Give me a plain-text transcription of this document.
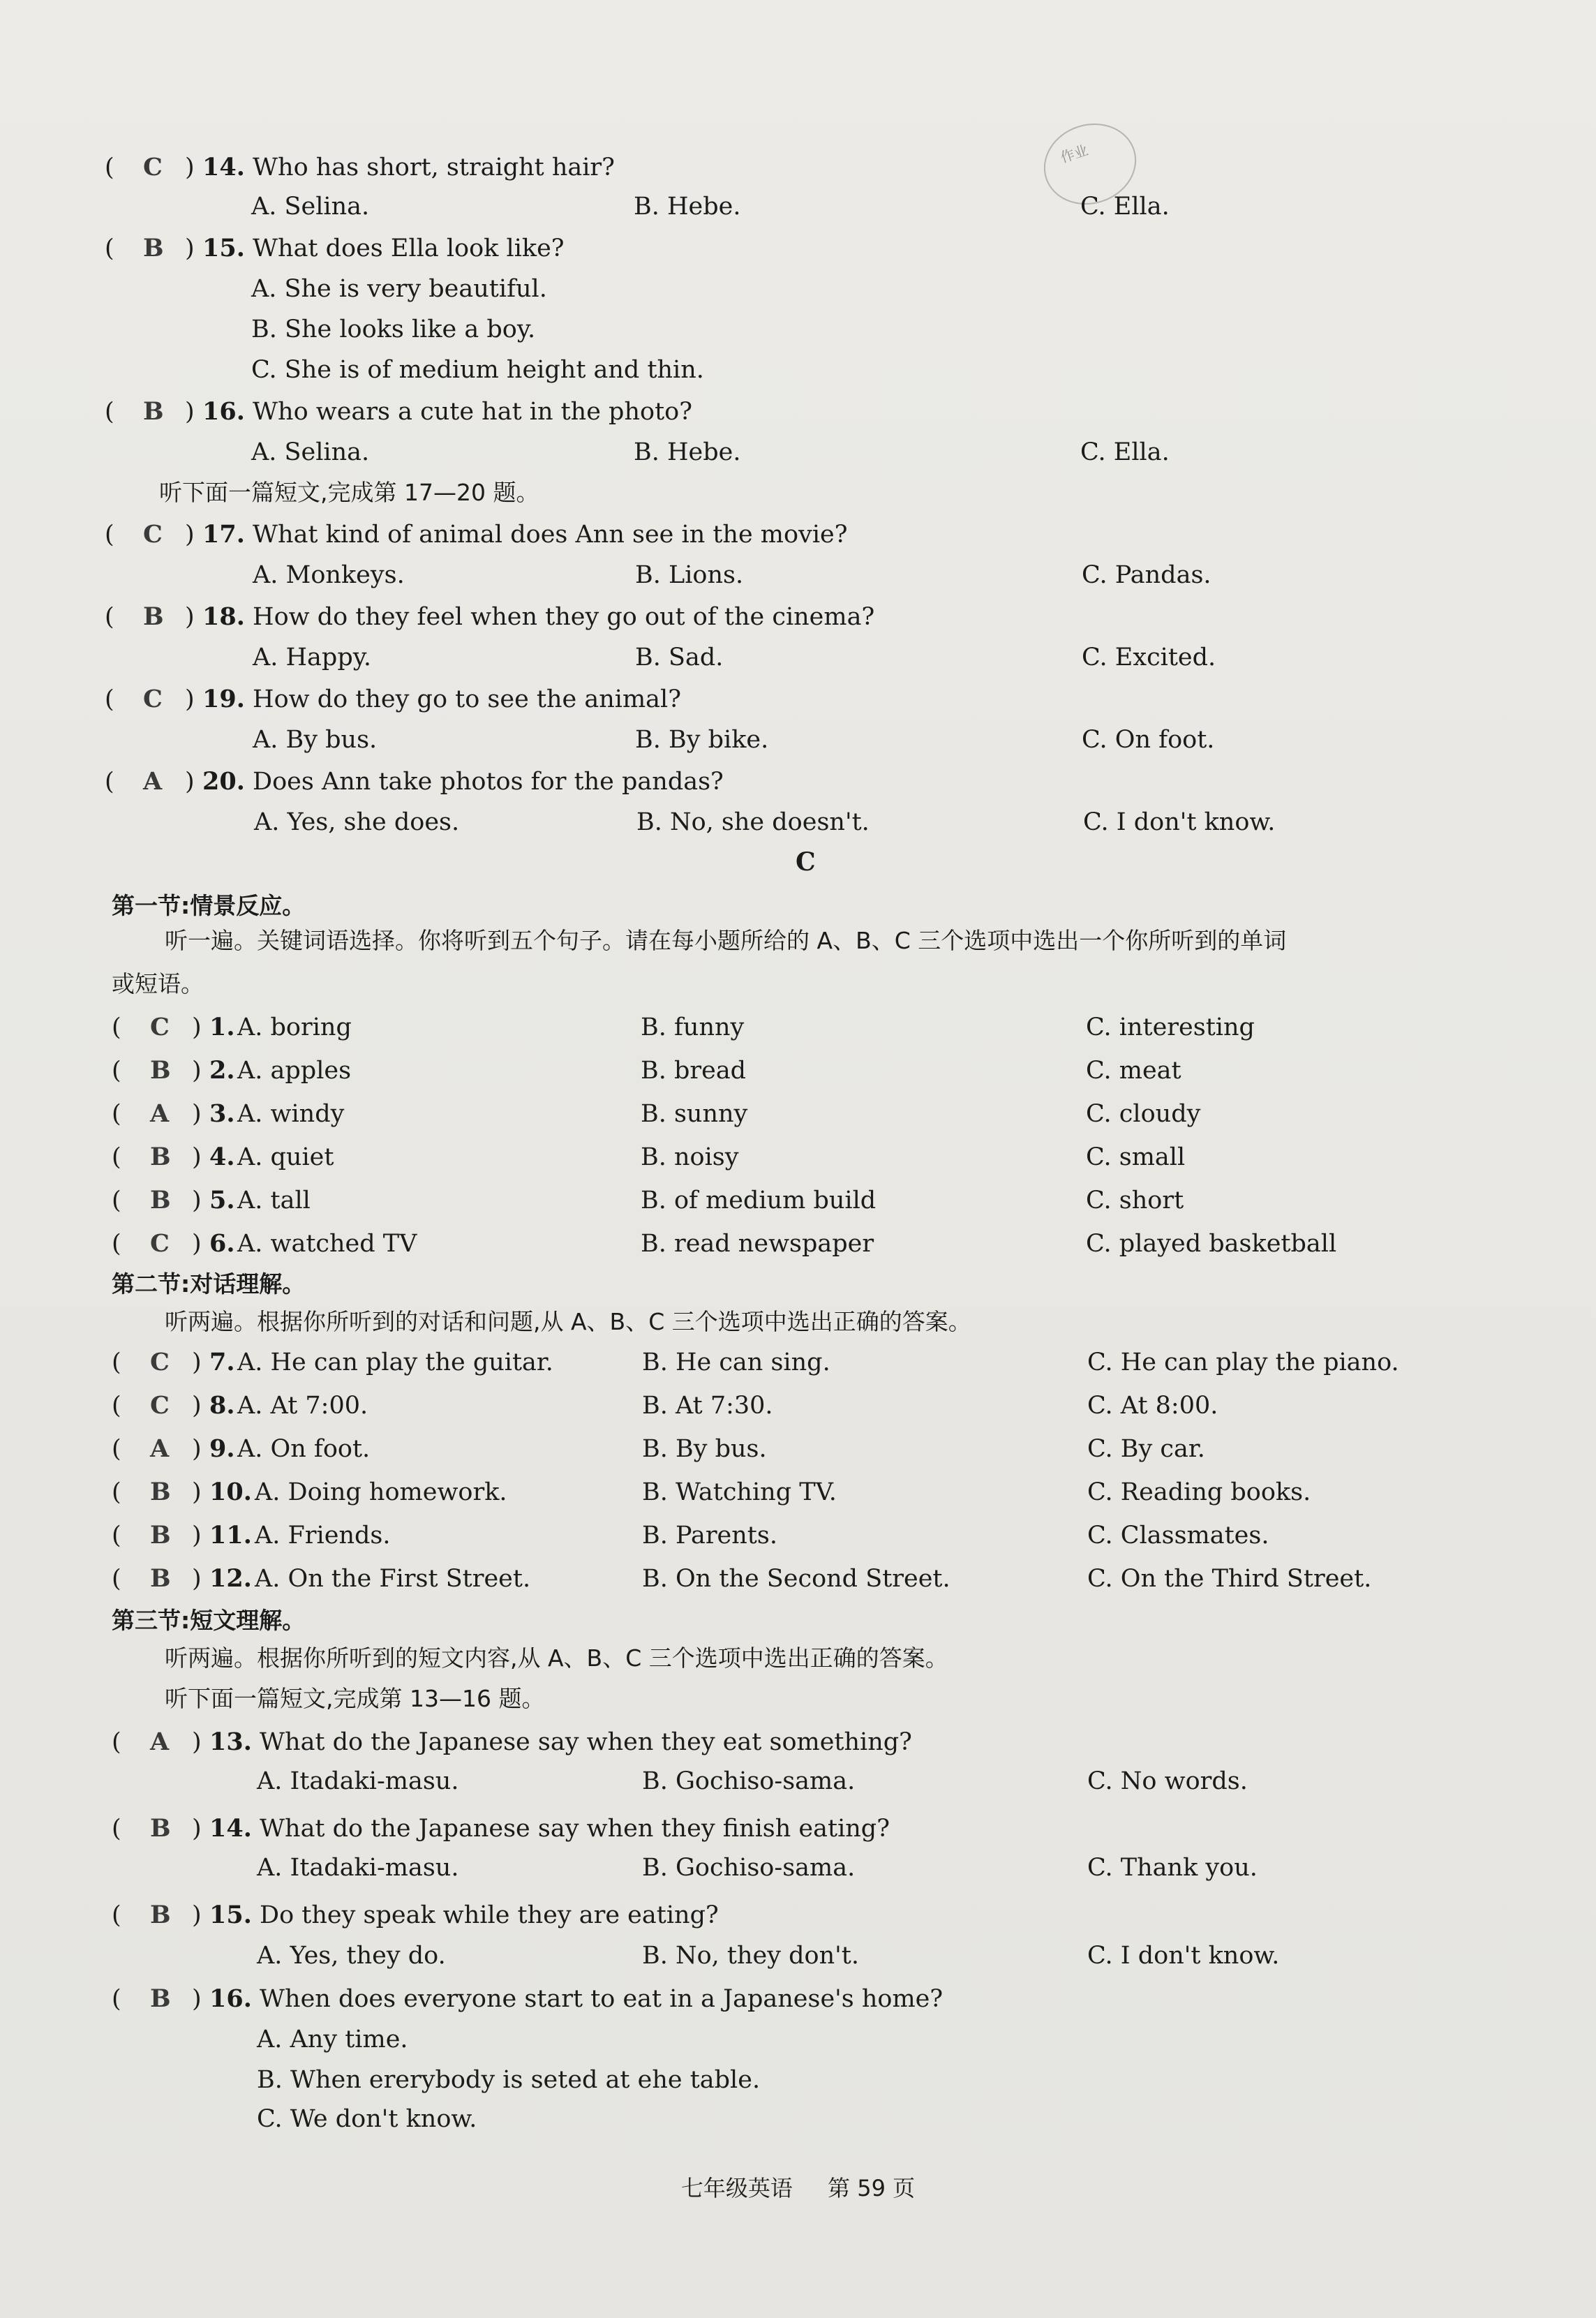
作业
( C ) 14. Who has short, straight hair?
A. Selina.	B. Hebe.	C. Ella.
( B ) 15. What does Ella look like?
A. She is very beautiful.
B. She looks like a boy.
C. She is of medium height and thin.
( B ) 16. Who wears a cute hat in the photo?
A. Selina.	B. Hebe.	C. Ella.
听下面一篇短文,完成第 17—20 题。
( C ) 17. What kind of animal does Ann see in the movie?
A. Monkeys.	B. Lions.	C. Pandas.
( B ) 18. How do they feel when they go out of the cinema?
A. Happy.	B. Sad.	C. Excited.
( C ) 19. How do they go to see the animal?
A. By bus.	B. By bike.	C. On foot.
( A ) 20. Does Ann take photos for the pandas?
A. Yes, she does.	B. No, she doesn't.	C. I don't know.
C
第一节:情景反应。
听一遍。关键词语选择。你将听到五个句子。请在每小题所给的 A、B、C 三个选项中选出一个你所听到的单词
或短语。
( C ) 1. A. boring	B. funny	C. interesting
( B ) 2. A. apples	B. bread	C. meat
( A ) 3. A. windy	B. sunny	C. cloudy
( B ) 4. A. quiet	B. noisy	C. small
( B ) 5. A. tall	B. of medium build	C. short
( C ) 6. A. watched TV	B. read newspaper	C. played basketball
第二节:对话理解。
听两遍。根据你所听到的对话和问题,从 A、B、C 三个选项中选出正确的答案。
( C ) 7. A. He can play the guitar.	B. He can sing.	C. He can play the piano.
( C ) 8. A. At 7:00.	B. At 7:30.	C. At 8:00.
( A ) 9. A. On foot.	B. By bus.	C. By car.
( B ) 10. A. Doing homework.	B. Watching TV.	C. Reading books.
( B ) 11. A. Friends.	B. Parents.	C. Classmates.
( B ) 12. A. On the First Street.	B. On the Second Street.	C. On the Third Street.
第三节:短文理解。
听两遍。根据你所听到的短文内容,从 A、B、C 三个选项中选出正确的答案。
听下面一篇短文,完成第 13—16 题。
( A ) 13. What do the Japanese say when they eat something?
A. Itadaki-masu.	B. Gochiso-sama.	C. No words.
( B ) 14. What do the Japanese say when they finish eating?
A. Itadaki-masu.	B. Gochiso-sama.	C. Thank you.
( B ) 15. Do they speak while they are eating?
A. Yes, they do.	B. No, they don't.	C. I don't know.
( B ) 16. When does everyone start to eat in a Japanese's home?
A. Any time.
B. When ererybody is seted at ehe table.
C. We don't know.
七年级英语 第 59 页
